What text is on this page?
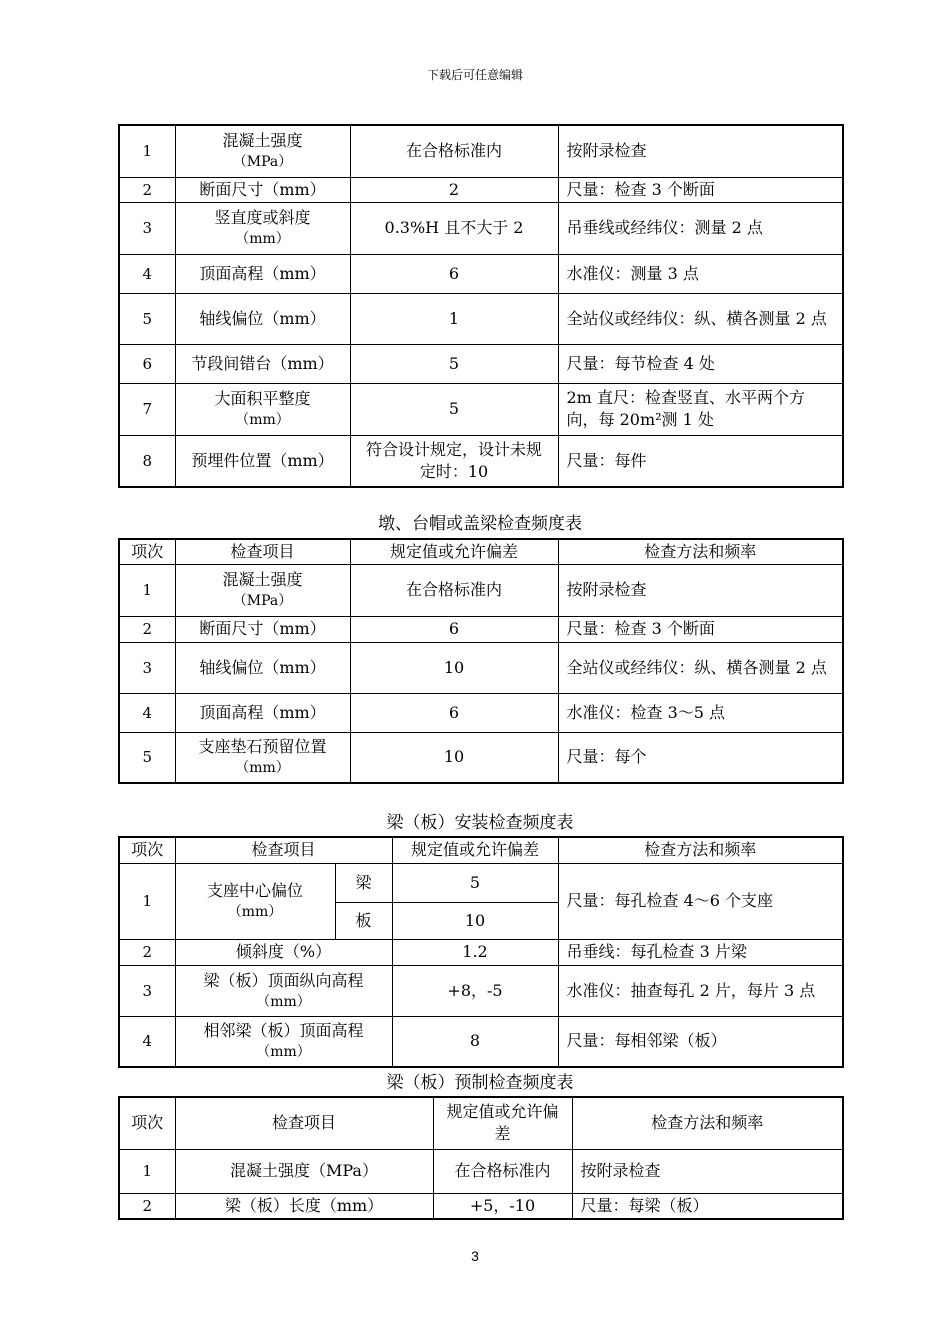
下载后可任意编辑
1	混凝土强度
（MPa）	在合格标准内	按附录检查
2	断面尺寸（mm）	2	尺量：检查 3 个断面
3	竖直度或斜度
（mm）	0.3%H 且不大于 2	吊垂线或经纬仪：测量 2 点
4	顶面高程（mm）	6	水准仪：测量 3 点
5	轴线偏位（mm）	1	全站仪或经纬仪：纵、横各测量 2 点
6	节段间错台（mm）	5	尺量：每节检查 4 处
7	大面积平整度
（mm）	5	2m 直尺：检查竖直、水平两个方向，每 20m²测 1 处
8	预埋件位置（mm）	符合设计规定，设计未规定时：10	尺量：每件
墩、台帽或盖梁检查频度表
项次	检查项目	规定值或允许偏差	检查方法和频率
1	混凝土强度
（MPa）	在合格标准内	按附录检查
2	断面尺寸（mm）	6	尺量：检查 3 个断面
3	轴线偏位（mm）	10	全站仪或经纬仪：纵、横各测量 2 点
4	顶面高程（mm）	6	水准仪：检查 3～5 点
5	支座垫石预留位置
（mm）	10	尺量：每个
梁（板）安装检查频度表
项次	检查项目		规定值或允许偏差	检查方法和频率
1	支座中心偏位
（mm）	梁	5	尺量：每孔检查 4～6 个支座
		板	10	
2	倾斜度（%）		1.2	吊垂线：每孔检查 3 片梁
3	梁（板）顶面纵向高程
（mm）		+8，-5	水准仪：抽查每孔 2 片，每片 3 点
4	相邻梁（板）顶面高程
（mm）		8	尺量：每相邻梁（板）
梁（板）预制检查频度表
项次	检查项目	规定值或允许偏差	检查方法和频率
1	混凝土强度（MPa）	在合格标准内	按附录检查
2	梁（板）长度（mm）	+5，-10	尺量：每梁（板）
3
